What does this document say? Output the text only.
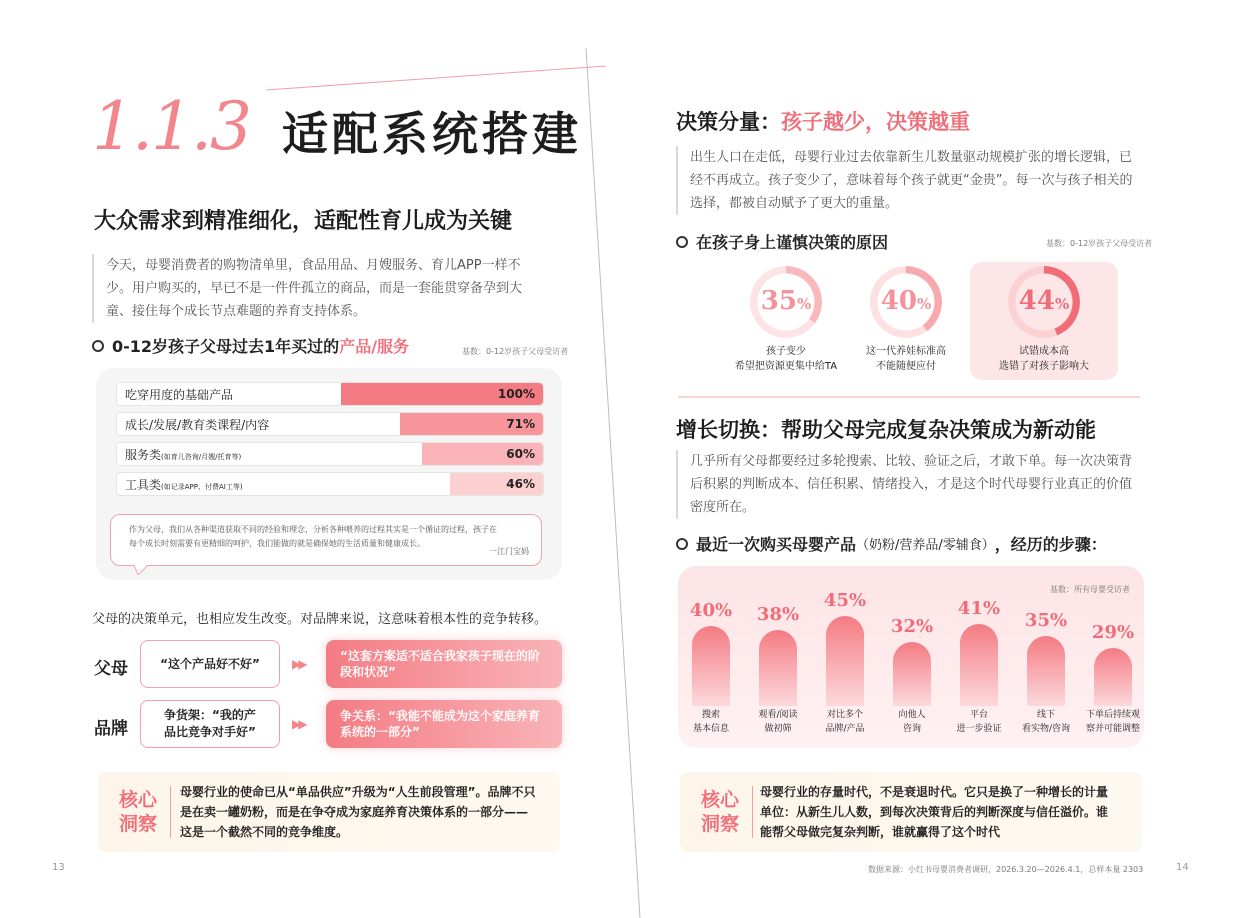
1.1.3 适配系统搭建
大众需求到精准细化，适配性育儿成为关键
今天，母婴消费者的购物清单里，食品用品、月嫂服务、育儿APP一样不
少。用户购买的，早已不是一件件孤立的商品，而是一套能贯穿备孕到大
童、接住每个成长节点难题的养育支持体系。
0-12岁孩子父母过去1年买过的 产品/服务	基数：0-12岁孩子父母受访者
吃穿用度的基础产品	100%
成长/发展/教育类课程/内容	71%
服务类(如育儿咨询/月嫂/托育等)	60%
工具类(如记录APP、付费AI工等)	46%
作为父母，我们从各种渠道获取不同的经验和理念，分析各种喂养的过程其实是一个循证的过程，孩子在
每个成长时刻需要有更精细的呵护，我们能做的就是确保她的生活质量和健康成长。
一江门宝妈
父母的决策单元，也相应发生改变。对品牌来说，这意味着根本性的竞争转移。
父母	“这个产品好不好”	▶▶
“这套方案适不适合我家孩子现在的阶段和状况”
品牌
争货架：“我的产品比竞争对手好”
▶▶
争关系：“我能不能成为这个家庭养育系统的一部分”
核心
洞察
母婴行业的使命已从“单品供应”升级为“人生前段管理”。品牌不只
是在卖一罐奶粉，而是在争夺成为家庭养育决策体系的一部分——
这是一个截然不同的竞争维度。
13
决策分量：孩子越少，决策越重
出生人口在走低，母婴行业过去依靠新生儿数量驱动规模扩张的增长逻辑，已
经不再成立。孩子变少了，意味着每个孩子就更“金贵”。每一次与孩子相关的
选择，都被自动赋予了更大的重量。
在孩子身上谨慎决策的原因	基数：0-12岁孩子父母受访者
35%
孩子变少
希望把资源更集中给TA
40%
这一代养娃标准高
不能随便应付
44%
试错成本高
选错了对孩子影响大
增长切换：帮助父母完成复杂决策成为新动能
几乎所有父母都要经过多轮搜索、比较、验证之后，才敢下单。每一次决策背
后积累的判断成本、信任积累、情绪投入，才是这个时代母婴行业真正的价值
密度所在。
最近一次购买母婴产品 （奶粉/营养品/零辅食） ，经历的步骤：
基数：所有母婴受访者
40%
搜索
基本信息
38%
观看/阅读
做初筛
45%
对比多个
品牌/产品
32%
向他人
咨询
41%
平台
进一步验证
35%
线下
看实物/咨询
29%
下单后持续观
察并可能调整
核心
洞察
母婴行业的存量时代，不是衰退时代。它只是换了一种增长的计量
单位：从新生儿人数，到每次决策背后的判断深度与信任溢价。谁
能帮父母做完复杂判断，谁就赢得了这个时代
数据来源：小红书母婴消费者调研，2026.3.20—2026.4.1，总样本量 2303	14
